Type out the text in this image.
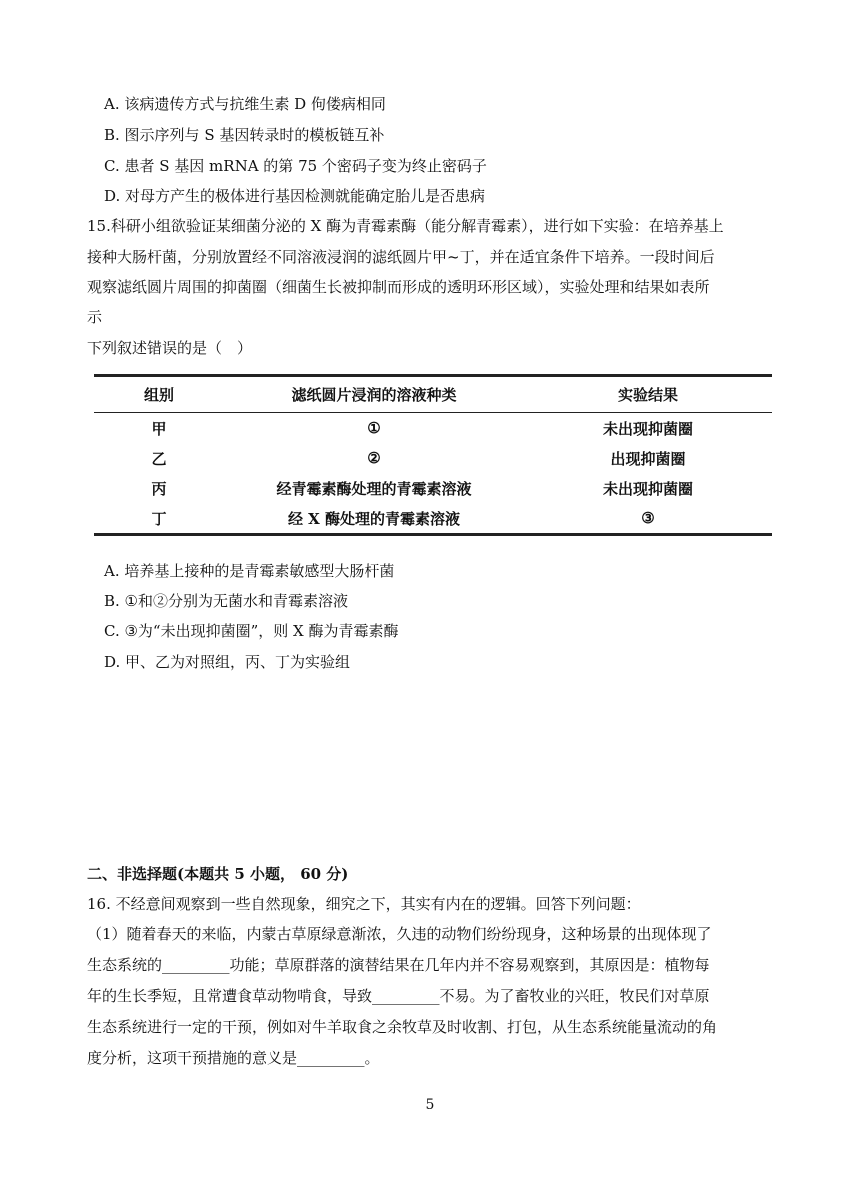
A. 该病遗传方式与抗维生素 D 佝偻病相同
B. 图示序列与 S 基因转录时的模板链互补
C. 患者 S 基因 mRNA 的第 75 个密码子变为终止密码子
D. 对母方产生的极体进行基因检测就能确定胎儿是否患病
15.科研小组欲验证某细菌分泌的 X 酶为青霉素酶（能分解青霉素），进行如下实验：在培养基上
接种大肠杆菌，分别放置经不同溶液浸润的滤纸圆片甲~丁，并在适宜条件下培养。一段时间后
观察滤纸圆片周围的抑菌圈（细菌生长被抑制而形成的透明环形区域），实验处理和结果如表所
示
下列叙述错误的是（　）
组别	滤纸圆片浸润的溶液种类	实验结果
甲	①	未出现抑菌圈
乙	②	出现抑菌圈
丙	经青霉素酶处理的青霉素溶液	未出现抑菌圈
丁	经 X 酶处理的青霉素溶液	③
A. 培养基上接种的是青霉素敏感型大肠杆菌
B. ①和②分别为无菌水和青霉素溶液
C. ③为“未出现抑菌圈”，则 X 酶为青霉素酶
D. 甲、乙为对照组，丙、丁为实验组
二、非选择题(本题共 5 小题， 60 分)
16. 不经意间观察到一些自然现象，细究之下，其实有内在的逻辑。回答下列问题：
（1）随着春天的来临，内蒙古草原绿意渐浓，久违的动物们纷纷现身，这种场景的出现体现了
生态系统的_________功能；草原群落的演替结果在几年内并不容易观察到，其原因是：植物每
年的生长季短，且常遭食草动物啃食，导致_________不易。为了畜牧业的兴旺，牧民们对草原
生态系统进行一定的干预，例如对牛羊取食之余牧草及时收割、打包，从生态系统能量流动的角
度分析，这项干预措施的意义是_________。
5
